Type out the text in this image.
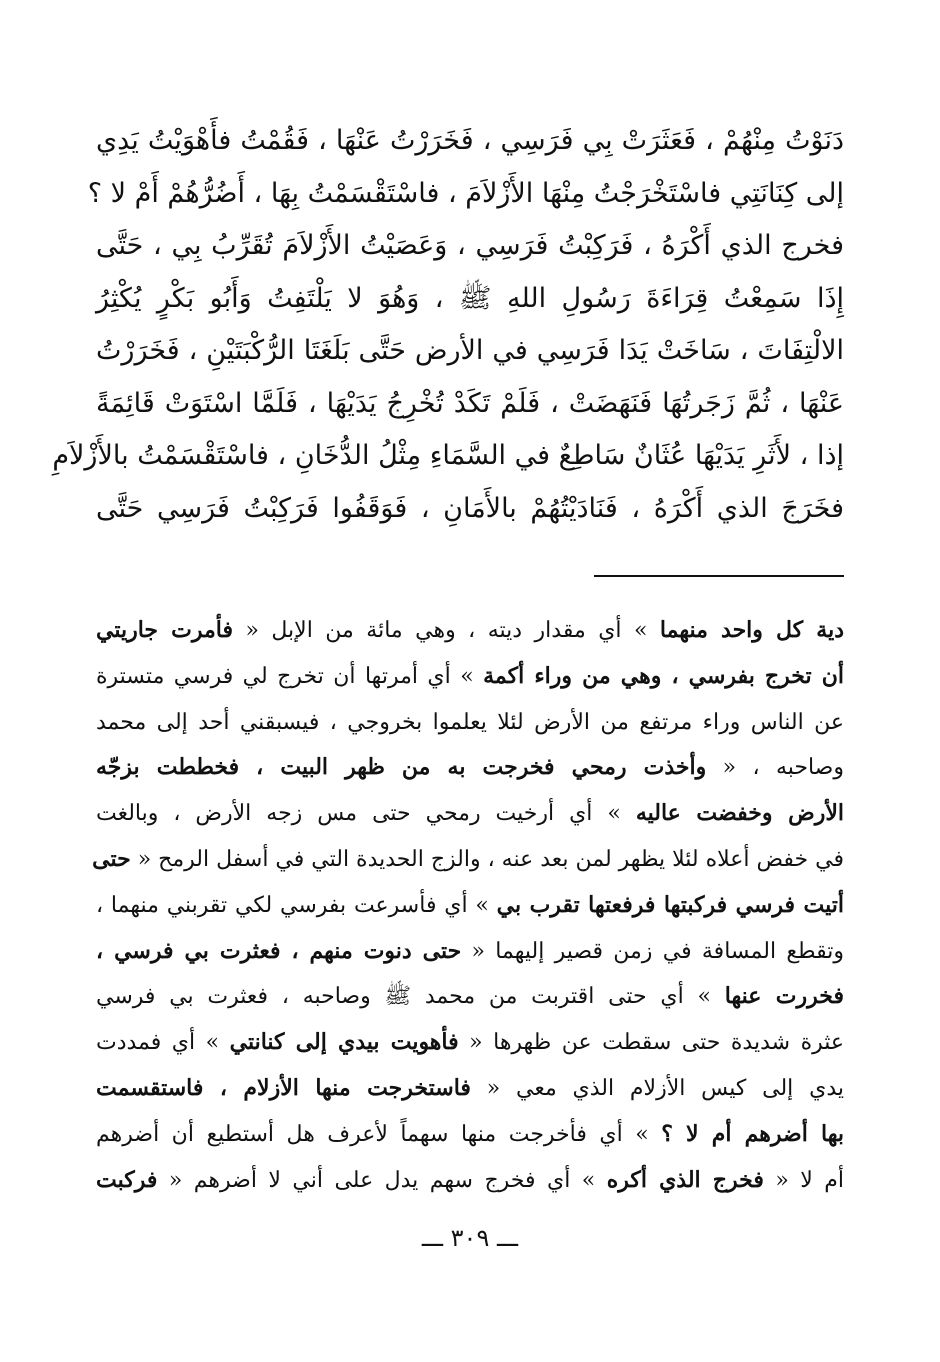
دَنَوْتُ مِنْهُمْ ، فَعَثَرَتْ بِي فَرَسِي ، فَخَرَرْتُ عَنْهَا ، فَقُمْتُ فأَهْوَيْتُ يَدِي
إلى كِنَانَتِي فاسْتَخْرَجْتُ مِنْهَا الأَزْلاَمَ ، فاسْتَقْسَمْتُ بِهَا ، أَضُرُّهُمْ أَمْ لا ؟
فخرج الذي أَكْرَهُ ، فَرَكِبْتُ فَرَسِي ، وَعَصَيْتُ الأَزْلاَمَ تُقَرِّبُ بِي ، حَتَّى
إِذَا سَمِعْتُ قِرَاءَةَ رَسُولِ اللهِ ﷺ ، وَهُوَ لا يَلْتَفِتُ وَأَبُو بَكْرٍ يُكْثِرُ
الالْتِفَاتَ ، سَاخَتْ يَدَا فَرَسِي في الأرض حَتَّى بَلَغَتَا الرُّكْبَتَيْنِ ، فَخَرَرْتُ
عَنْهَا ، ثُمَّ زَجَرتُهَا فَنَهَضَتْ ، فَلَمْ تَكَدْ تُخْرِجُ يَدَيْهَا ، فَلَمَّا اسْتَوَتْ قَائِمَةً
إذا ، لأَثَرِ يَدَيْهَا عُثَانٌ سَاطِعٌ في السَّمَاءِ مِثْلُ الدُّخَانِ ، فاسْتَقْسَمْتُ بالأَزْلاَمِ
فخَرَجَ الذي أَكْرَهُ ، فَنَادَيْتُهُمْ بالأَمَانِ ، فَوَقَفُوا فَرَكِبْتُ فَرَسِي حَتَّى
دية كل واحد منهما » أي مقدار ديته ، وهي مائة من الإبل « فأمرت جاريتي
أن تخرج بفرسي ، وهي من وراء أكمة » أي أمرتها أن تخرج لي فرسي متسترة
عن الناس وراء مرتفع من الأرض لئلا يعلموا بخروجي ، فيسبقني أحد إلى محمد
وصاحبه ، « وأخذت رمحي فخرجت به من ظهر البيت ، فخططت بزجّه
الأرض وخفضت عاليه » أي أرخيت رمحي حتى مس زجه الأرض ، وبالغت
في خفض أعلاه لئلا يظهر لمن بعد عنه ، والزج الحديدة التي في أسفل الرمح « حتى
أتيت فرسي فركبتها فرفعتها تقرب بي » أي فأسرعت بفرسي لكي تقربني منهما ،
وتقطع المسافة في زمن قصير إليهما « حتى دنوت منهم ، فعثرت بي فرسي ،
فخررت عنها » أي حتى اقتربت من محمد ﷺ وصاحبه ، فعثرت بي فرسي
عثرة شديدة حتى سقطت عن ظهرها « فأهويت بيدي إلى كنانتي » أي فمددت
يدي إلى كيس الأزلام الذي معي « فاستخرجت منها الأزلام ، فاستقسمت
بها أضرهم أم لا ؟ » أي فأخرجت منها سهماً لأعرف هل أستطيع أن أضرهم
أم لا « فخرج الذي أكره » أي فخرج سهم يدل على أني لا أضرهم « فركبت
ـــ ٣٠٩ ـــ
